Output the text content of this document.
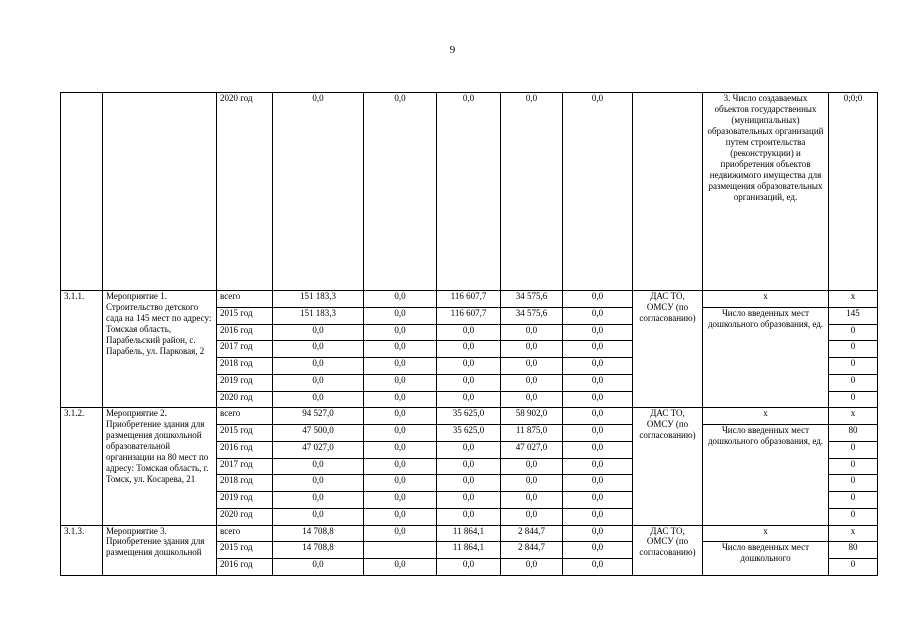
9
		2020 год	0,0	0,0	0,0	0,0	0,0		3. Число создаваемых объектов государственных (муниципальных) образовательных организаций путем строительства (реконструкции) и приобретения объектов недвижимого имущества для размещения образовательных организаций, ед.	0;0;0
3.1.1.	Мероприятие 1. Строительство детского сада на 145 мест по адресу: Томская область, Парабельский район, с. Парабель, ул. Парковая, 2	всего	151 183,3	0,0	116 607,7	34 575,6	0,0	ДАС ТО, ОМСУ (по согласованию)	х	х
		2015 год	151 183,3	0,0	116 607,7	34 575,6	0,0		Число введенных мест дошкольного образования, ед.	145
		2016 год	0,0	0,0	0,0	0,0	0,0			0
		2017 год	0,0	0,0	0,0	0,0	0,0			0
		2018 год	0,0	0,0	0,0	0,0	0,0			0
		2019 год	0,0	0,0	0,0	0,0	0,0			0
		2020 год	0,0	0,0	0,0	0,0	0,0			0
3.1.2.	Мероприятие 2. Приобретение здания для размещения дошкольной образовательной организации на 80 мест по адресу: Томская область, г. Томск, ул. Косарева, 21	всего	94 527,0	0,0	35 625,0	58 902,0	0,0	ДАС ТО, ОМСУ (по согласованию)	х	х
		2015 год	47 500,0	0,0	35 625,0	11 875,0	0,0		Число введенных мест дошкольного образования, ед.	80
		2016 год	47 027,0	0,0	0,0	47 027,0	0,0			0
		2017 год	0,0	0,0	0,0	0,0	0,0			0
		2018 год	0,0	0,0	0,0	0,0	0,0			0
		2019 год	0,0	0,0	0,0	0,0	0,0			0
		2020 год	0,0	0,0	0,0	0,0	0,0			0
3.1.3.	Мероприятие 3. Приобретение здания для размещения дошкольной	всего	14 708,8	0,0	11 864,1	2 844,7	0,0	ДАС ТО, ОМСУ (по согласованию)	х	х
		2015 год	14 708,8		11 864,1	2 844,7	0,0		Число введенных мест дошкольного	80
		2016 год	0,0	0,0	0,0	0,0	0,0			0
